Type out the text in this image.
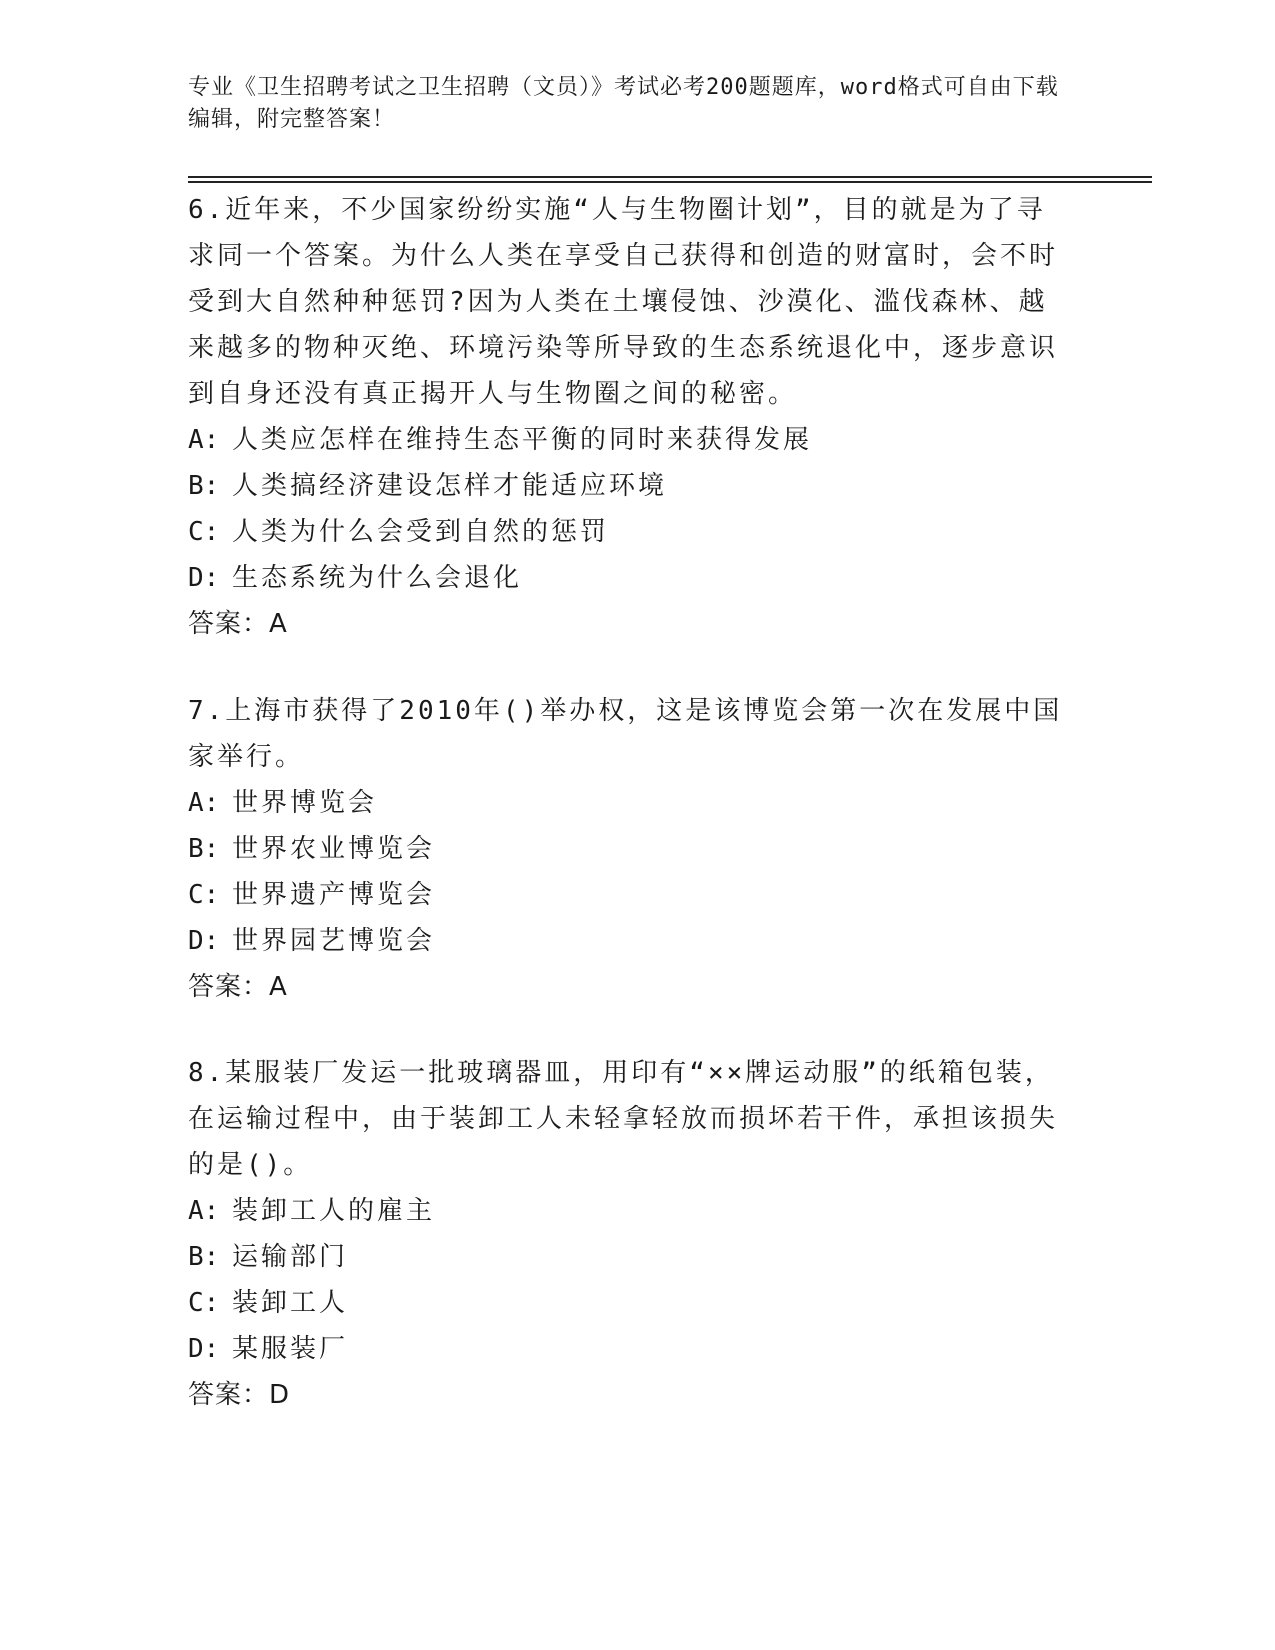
专业《卫生招聘考试之卫生招聘（文员）》考试必考200题题库，word格式可自由下载编辑，附完整答案！

6.近年来，不少国家纷纷实施“人与生物圈计划”，目的就是为了寻求同一个答案。为什么人类在享受自己获得和创造的财富时，会不时受到大自然种种惩罚?因为人类在土壤侵蚀、沙漠化、滥伐森林、越来越多的物种灭绝、环境污染等所导致的生态系统退化中，逐步意识到自身还没有真正揭开人与生物圈之间的秘密。

A: 人类应怎样在维持生态平衡的同时来获得发展

B: 人类搞经济建设怎样才能适应环境

C: 人类为什么会受到自然的惩罚

D: 生态系统为什么会退化

答案：A

7.上海市获得了2010年()举办权，这是该博览会第一次在发展中国家举行。

A: 世界博览会

B: 世界农业博览会

C: 世界遗产博览会

D: 世界园艺博览会

答案：A

8.某服装厂发运一批玻璃器皿，用印有“××牌运动服”的纸箱包装，在运输过程中，由于装卸工人未轻拿轻放而损坏若干件，承担该损失的是()。

A: 装卸工人的雇主

B: 运输部门

C: 装卸工人

D: 某服装厂

答案：D
